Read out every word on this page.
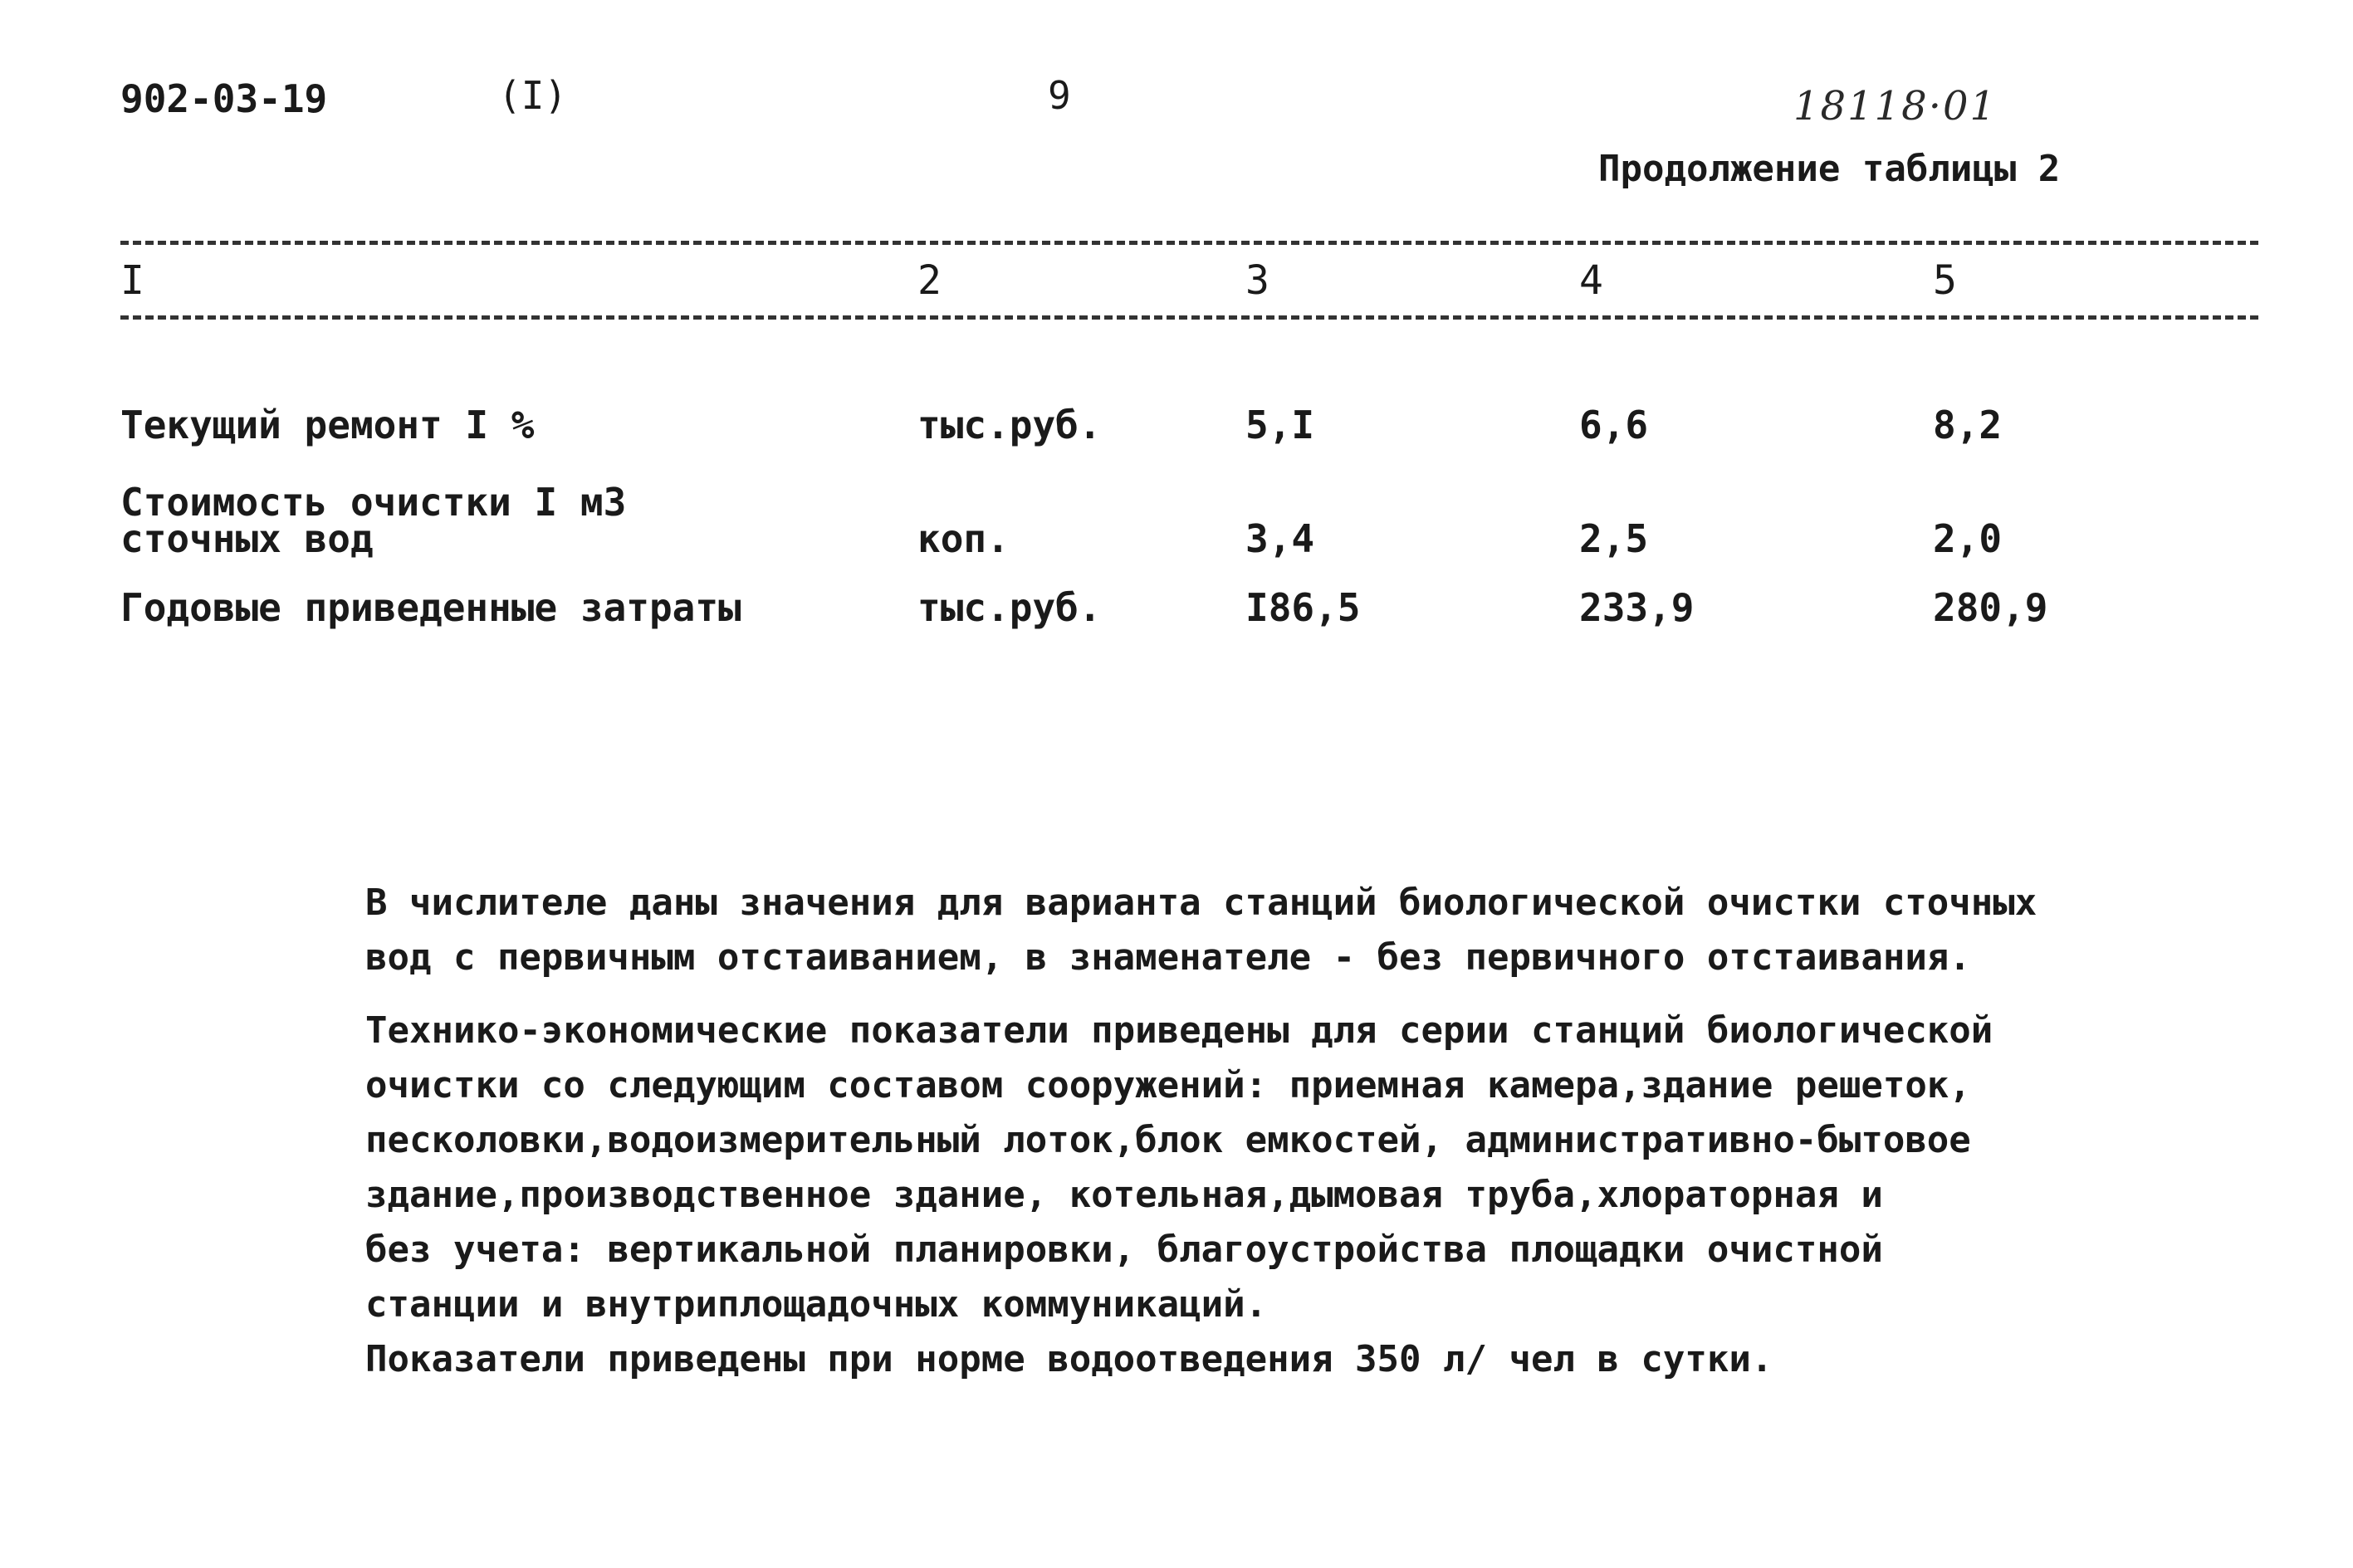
902-03-19	(I)	9	18118·01
Продолжение таблицы 2
I	2	3	4	5
Текущий ремонт I %	тыс.руб.	5,I	6,6	8,2
Стоимость очистки I м3
сточных вод	коп.	3,4	2,5	2,0
Годовые приведенные затраты	тыс.руб.	I86,5	233,9	280,9
В числителе даны значения для варианта станций биологической очистки сточных
вод с первичным отстаиванием, в знаменателе - без первичного отстаивания.
Технико-экономические показатели приведены для серии станций биологической
очистки со следующим составом сооружений: приемная камера,здание решеток,
песколовки,водоизмерительный лоток,блок емкостей, административно-бытовое
здание,производственное здание, котельная,дымовая труба,хлораторная и
без учета: вертикальной планировки, благоустройства площадки очистной
станции и внутриплощадочных коммуникаций.
Показатели приведены при норме водоотведения 350 л/ чел в сутки.
